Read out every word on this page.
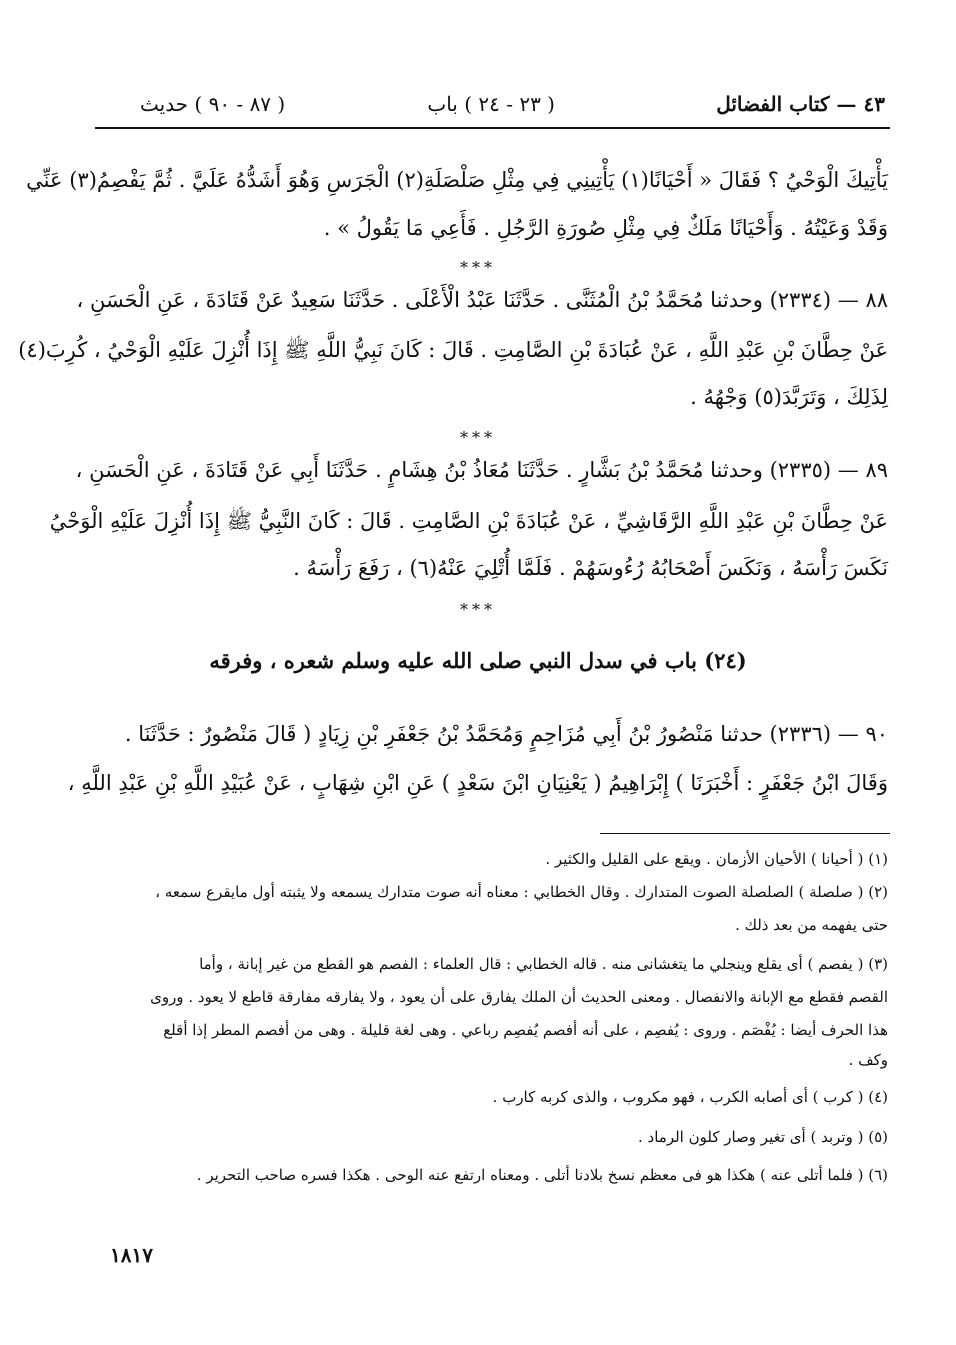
٤٣ — كتاب الفضائل
( ٢٣ - ٢٤ ) باب
( ٨٧ - ٩٠ ) حديث
يَأْتِيكَ الْوَحْيُ ؟ فَقَالَ « أَحْيَانًا(١) يَأْتِينِي فِي مِثْلِ صَلْصَلَةِ(٢) الْجَرَسِ وَهُوَ أَشَدُّهُ عَلَيَّ . ثُمَّ يَفْصِمُ(٣) عَنِّي
وَقَدْ وَعَيْتُهُ . وَأَحْيَانًا مَلَكٌ فِي مِثْلِ صُورَةِ الرَّجُلِ . فَأَعِي مَا يَقُولُ » .
***
٨٨ — (٢٣٣٤) وحدثنا مُحَمَّدُ بْنُ الْمُثَنَّى . حَدَّثَنَا عَبْدُ الْأَعْلَى . حَدَّثَنَا سَعِيدٌ عَنْ قَتَادَةَ ، عَنِ الْحَسَنِ ،
عَنْ حِطَّانَ بْنِ عَبْدِ اللَّهِ ، عَنْ عُبَادَةَ بْنِ الصَّامِتِ . قَالَ : كَانَ نَبِيُّ اللَّهِ ﷺ إِذَا أُنْزِلَ عَلَيْهِ الْوَحْيُ ، كُرِبَ(٤)
لِذَلِكَ ، وَتَرَبَّدَ(٥) وَجْهُهُ .
***
٨٩ — (٢٣٣٥) وحدثنا مُحَمَّدُ بْنُ بَشَّارٍ . حَدَّثَنَا مُعَاذُ بْنُ هِشَامٍ . حَدَّثَنَا أَبِي عَنْ قَتَادَةَ ، عَنِ الْحَسَنِ ،
عَنْ حِطَّانَ بْنِ عَبْدِ اللَّهِ الرَّقَاشِيِّ ، عَنْ عُبَادَةَ بْنِ الصَّامِتِ . قَالَ : كَانَ النَّبِيُّ ﷺ إِذَا أُنْزِلَ عَلَيْهِ الْوَحْيُ
نَكَسَ رَأْسَهُ ، وَنَكَسَ أَصْحَابُهُ رُءُوسَهُمْ . فَلَمَّا أُتْلِيَ عَنْهُ(٦) ، رَفَعَ رَأْسَهُ .
***
(٢٤) باب في سدل النبي صلى الله عليه وسلم شعره ، وفرقه
٩٠ — (٢٣٣٦) حدثنا مَنْصُورُ بْنُ أَبِي مُزَاحِمٍ وَمُحَمَّدُ بْنُ جَعْفَرِ بْنِ زِيَادٍ ( قَالَ مَنْصُورٌ : حَدَّثَنَا .
وَقَالَ ابْنُ جَعْفَرٍ : أَخْبَرَنَا ) إِبْرَاهِيمُ ( يَعْنِيَانِ ابْنَ سَعْدٍ ) عَنِ ابْنِ شِهَابٍ ، عَنْ عُبَيْدِ اللَّهِ بْنِ عَبْدِ اللَّهِ ،
(١) ( أحيانا ) الأحيان الأزمان . ويقع على القليل والكثير .
(٢) ( صلصلة ) الصلصلة الصوت المتدارك . وقال الخطابي : معناه أنه صوت متدارك يسمعه ولا يثبته أول مايقرع سمعه ،
حتى يفهمه من بعد ذلك .
(٣) ( يفصم ) أى يقلع وينجلي ما يتغشانى منه . قاله الخطابي : قال العلماء : الفصم هو القطع من غير إبانة ، وأما
القصم فقطع مع الإبانة والانفصال . ومعنى الحديث أن الملك يفارق على أن يعود ، ولا يفارقه مفارقة قاطع لا يعود . وروى
هذا الحرف أيضا : يُفْصَم . وروى : يُفصِم ، على أنه أفصم يُفصِم رباعي . وهى لغة قليلة . وهى من أفصم المطر إذا أقلع
وكف .
(٤) ( كرب ) أى أصابه الكرب ، فهو مكروب ، والذى كربه كارب .
(٥) ( وتربد ) أى تغير وصار كلون الرماد .
(٦) ( فلما أتلى عنه ) هكذا هو فى معظم نسخ بلادنا أتلى . ومعناه ارتفع عنه الوحى . هكذا فسره صاحب التحرير .
١٨١٧
